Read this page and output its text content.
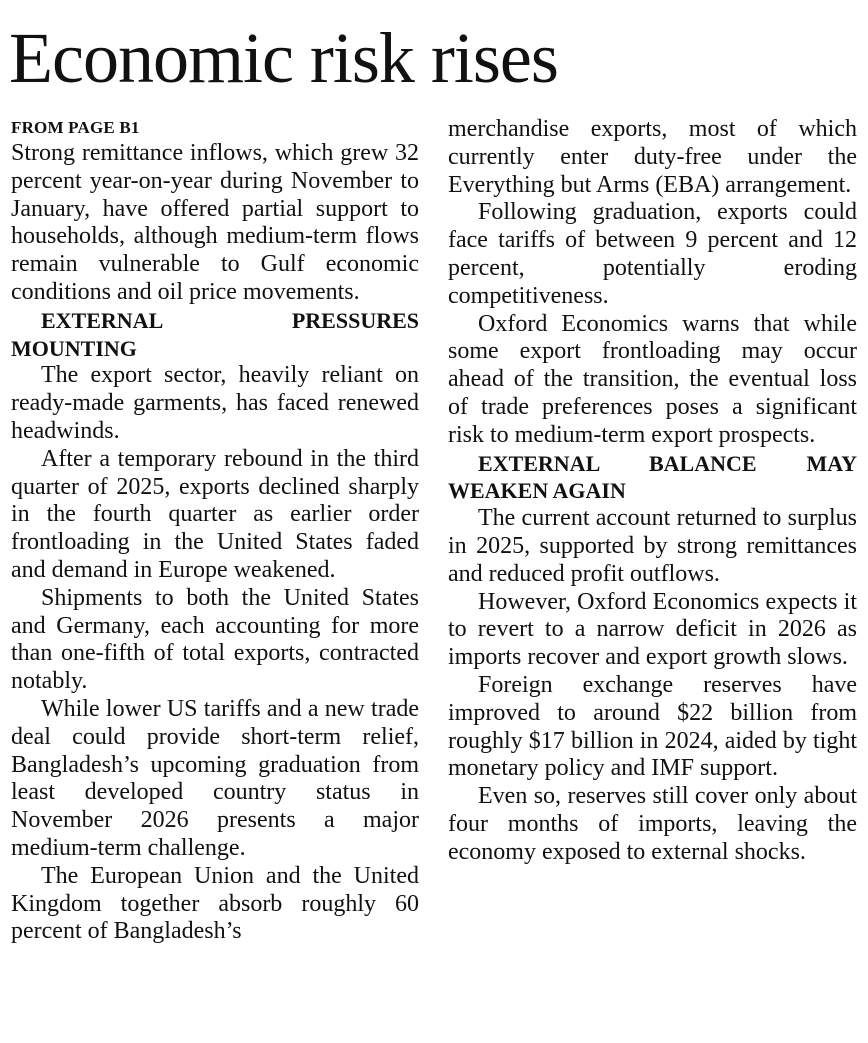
Economic risk rises
FROM PAGE B1

Strong remittance inflows, which grew 32 percent year-on-year during November to January, have offered partial support to households, although medium-term flows remain vulnerable to Gulf economic conditions and oil price movements.

EXTERNAL PRESSURES MOUNTING

The export sector, heavily reliant on ready-made garments, has faced renewed headwinds.

After a temporary rebound in the third quarter of 2025, exports declined sharply in the fourth quarter as earlier order frontloading in the United States faded and demand in Europe weakened.

Shipments to both the United States and Germany, each accounting for more than one-fifth of total exports, contracted notably.

While lower US tariffs and a new trade deal could provide short-term relief, Bangladesh’s upcoming graduation from least developed country status in November 2026 presents a major medium-term challenge.

The European Union and the United Kingdom together absorb roughly 60 percent of Bangladesh’s

merchandise exports, most of which currently enter duty-free under the Everything but Arms (EBA) arrangement.

Following graduation, exports could face tariffs of between 9 percent and 12 percent, potentially eroding competitiveness.

Oxford Economics warns that while some export frontloading may occur ahead of the transition, the eventual loss of trade preferences poses a significant risk to medium-term export prospects.

EXTERNAL BALANCE MAY WEAKEN AGAIN

The current account returned to surplus in 2025, supported by strong remittances and reduced profit outflows.

However, Oxford Economics expects it to revert to a narrow deficit in 2026 as imports recover and export growth slows.

Foreign exchange reserves have improved to around $22 billion from roughly $17 billion in 2024, aided by tight monetary policy and IMF support.

Even so, reserves still cover only about four months of imports, leaving the economy exposed to external shocks.
